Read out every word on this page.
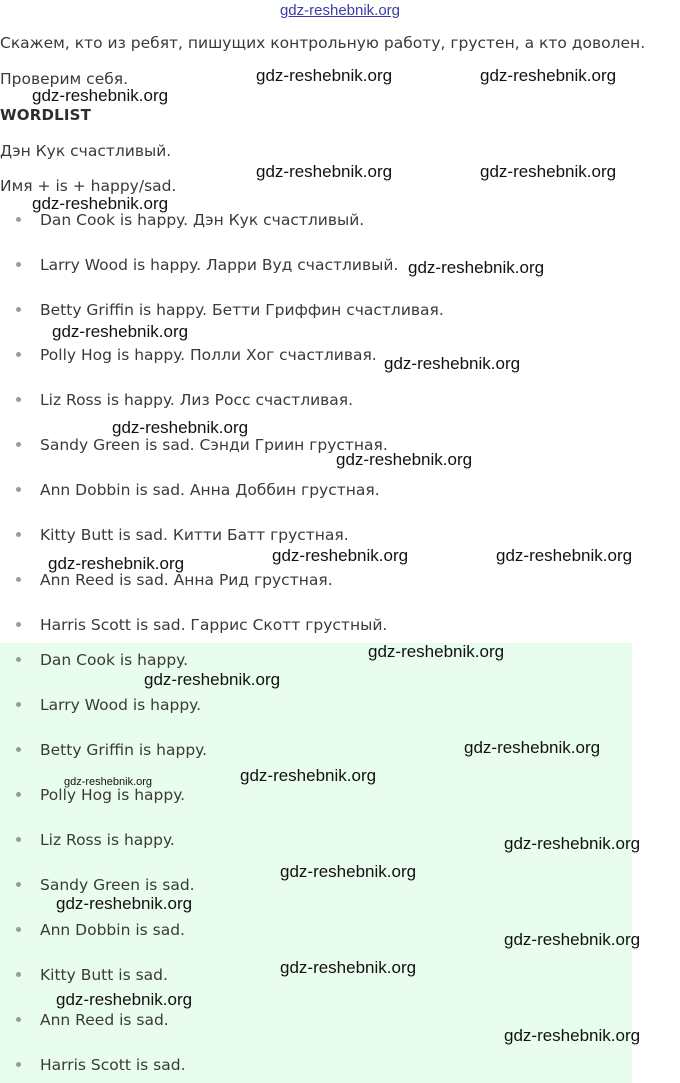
gdz-reshebnik.org
Скажем, кто из ребят, пишущих контрольную работу, грустен, а кто доволен.
Проверим себя.
WORDLIST
Дэн Кук счастливый.
Имя + is + happy/sad.
Dan Cook is happy. Дэн Кук счастливый.
Larry Wood is happy. Ларри Вуд счастливый.
Betty Griffin is happy. Бетти Гриффин счастливая.
Polly Hog is happy. Полли Хог счастливая.
Liz Ross is happy. Лиз Росс счастливая.
Sandy Green is sad. Сэнди Гриин грустная.
Ann Dobbin is sad. Анна Доббин грустная.
Kitty Butt is sad. Китти Батт грустная.
Ann Reed is sad. Анна Рид грустная.
Harris Scott is sad. Гаррис Скотт грустный.
Dan Cook is happy.
Larry Wood is happy.
Betty Griffin is happy.
Polly Hog is happy.
Liz Ross is happy.
Sandy Green is sad.
Ann Dobbin is sad.
Kitty Butt is sad.
Ann Reed is sad.
Harris Scott is sad.
gdz-reshebnik.org	gdz-reshebnik.org
gdz-reshebnik.org
gdz-reshebnik.org	gdz-reshebnik.org
gdz-reshebnik.org
gdz-reshebnik.org
gdz-reshebnik.org
gdz-reshebnik.org
gdz-reshebnik.org
gdz-reshebnik.org
gdz-reshebnik.org	gdz-reshebnik.org	gdz-reshebnik.org
gdz-reshebnik.org
gdz-reshebnik.org
gdz-reshebnik.org
gdz-reshebnik.org
gdz-reshebnik.org
gdz-reshebnik.org
gdz-reshebnik.org
gdz-reshebnik.org
gdz-reshebnik.org
gdz-reshebnik.org
gdz-reshebnik.org
gdz-reshebnik.org
